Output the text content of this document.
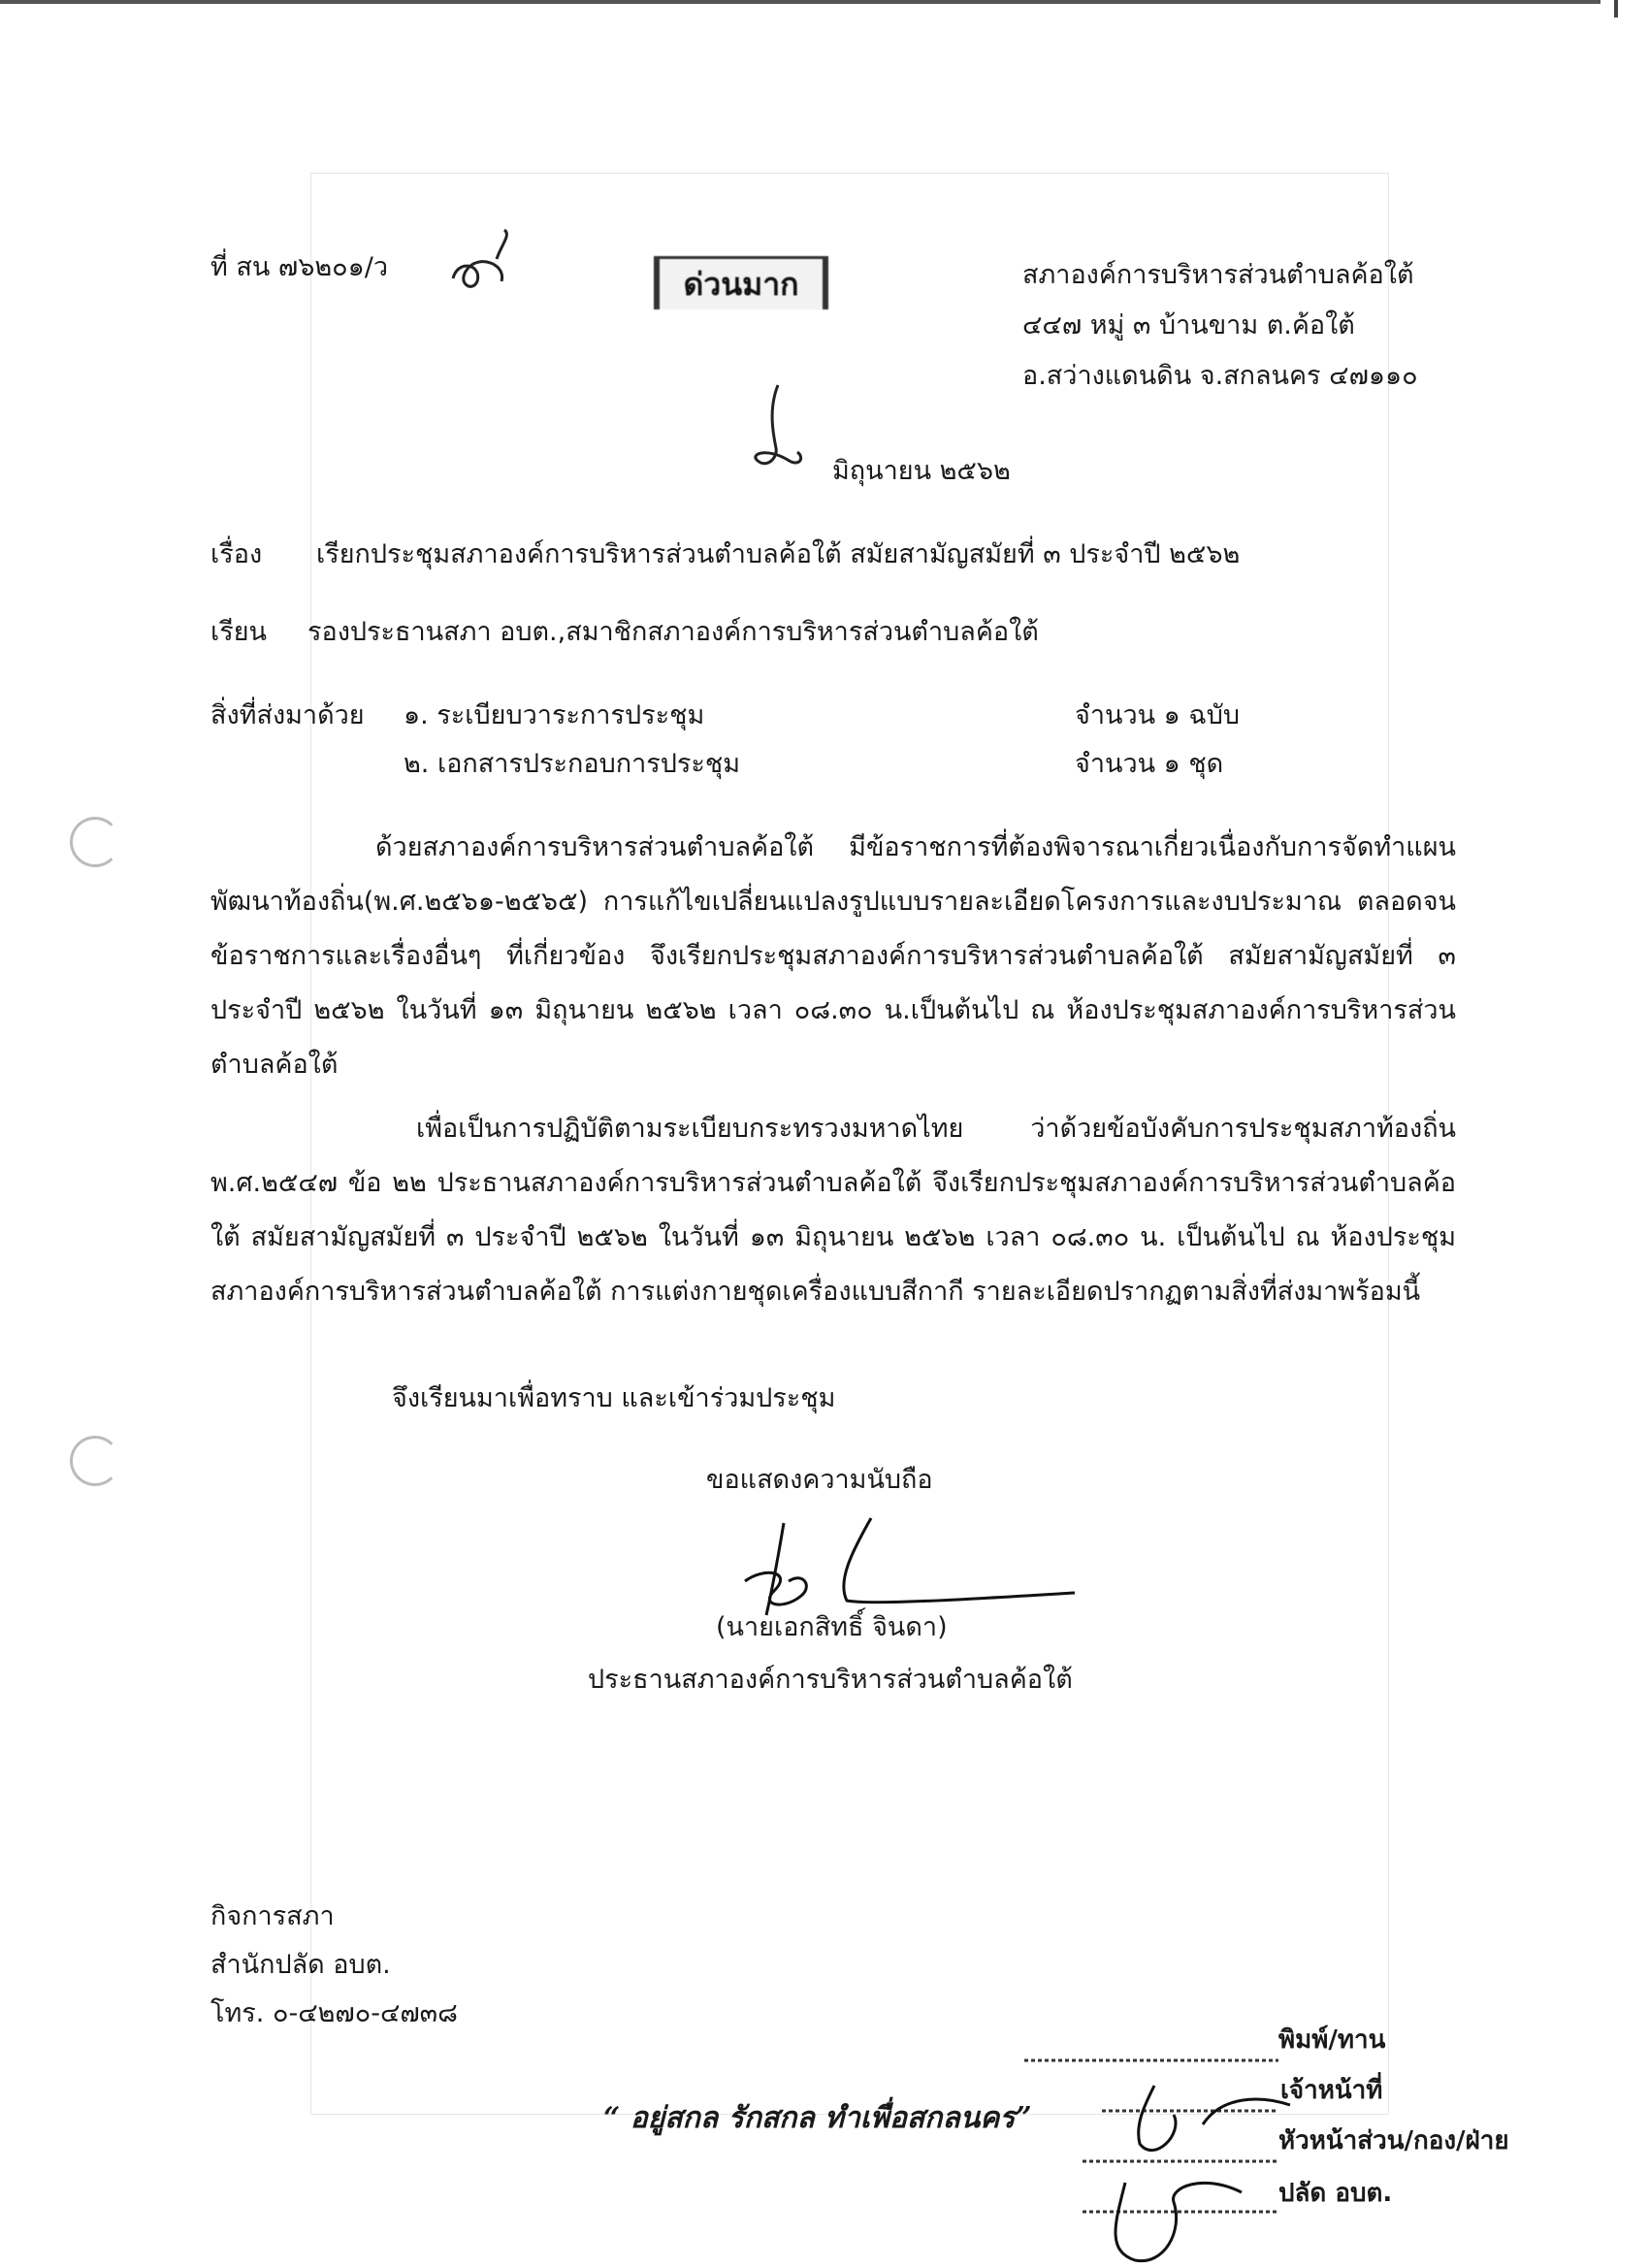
ที่ สน ๗๖๒๐๑/ว	ด่วนมาก	สภาองค์การบริหารส่วนตำบลค้อใต้
๔๔๗ หมู่ ๓ บ้านขาม ต.ค้อใต้
อ.สว่างแดนดิน จ.สกลนคร ๔๗๑๑๐
มิถุนายน ๒๕๖๒
เรื่อง เรียกประชุมสภาองค์การบริหารส่วนตำบลค้อใต้ สมัยสามัญสมัยที่ ๓ ประจำปี ๒๕๖๒
เรียน รองประธานสภา อบต.,สมาชิกสภาองค์การบริหารส่วนตำบลค้อใต้
สิ่งที่ส่งมาด้วย ๑. ระเบียบวาระการประชุม	จำนวน ๑ ฉบับ
๒. เอกสารประกอบการประชุม	จำนวน ๑ ชุด

ด้วยสภาองค์การบริหารส่วนตำบลค้อใต้ มีข้อราชการที่ต้องพิจารณาเกี่ยวเนื่องกับการจัดทำแผนพัฒนาท้องถิ่น(พ.ศ.๒๕๖๑-๒๕๖๕) การแก้ไขเปลี่ยนแปลงรูปแบบรายละเอียดโครงการและงบประมาณ ตลอดจนข้อราชการและเรื่องอื่นๆ ที่เกี่ยวข้อง จึงเรียกประชุมสภาองค์การบริหารส่วนตำบลค้อใต้ สมัยสามัญสมัยที่ ๓ ประจำปี ๒๕๖๒ ในวันที่ ๑๓ มิถุนายน ๒๕๖๒ เวลา ๐๘.๓๐ น.เป็นต้นไป ณ ห้องประชุมสภาองค์การบริหารส่วนตำบลค้อใต้

เพื่อเป็นการปฏิบัติตามระเบียบกระทรวงมหาดไทย ว่าด้วยข้อบังคับการประชุมสภาท้องถิ่น พ.ศ.๒๕๔๗ ข้อ ๒๒ ประธานสภาองค์การบริหารส่วนตำบลค้อใต้ จึงเรียกประชุมสภาองค์การบริหารส่วนตำบลค้อใต้ สมัยสามัญสมัยที่ ๓ ประจำปี ๒๕๖๒ ในวันที่ ๑๓ มิถุนายน ๒๕๖๒ เวลา ๐๘.๓๐ น. เป็นต้นไป ณ ห้องประชุมสภาองค์การบริหารส่วนตำบลค้อใต้ การแต่งกายชุดเครื่องแบบสีกากี รายละเอียดปรากฏตามสิ่งที่ส่งมาพร้อมนี้

จึงเรียนมาเพื่อทราบ และเข้าร่วมประชุม
ขอแสดงความนับถือ
(นายเอกสิทธิ์ จินดา)
ประธานสภาองค์การบริหารส่วนตำบลค้อใต้
กิจการสภา
สำนักปลัด อบต.
โทร. ๐-๔๒๗๐-๔๗๓๘
“ อยู่สกล รักสกล ทำเพื่อสกลนคร”
พิมพ์/ทาน
เจ้าหน้าที่
หัวหน้าส่วน/กอง/ฝ่าย
ปลัด อบต.
